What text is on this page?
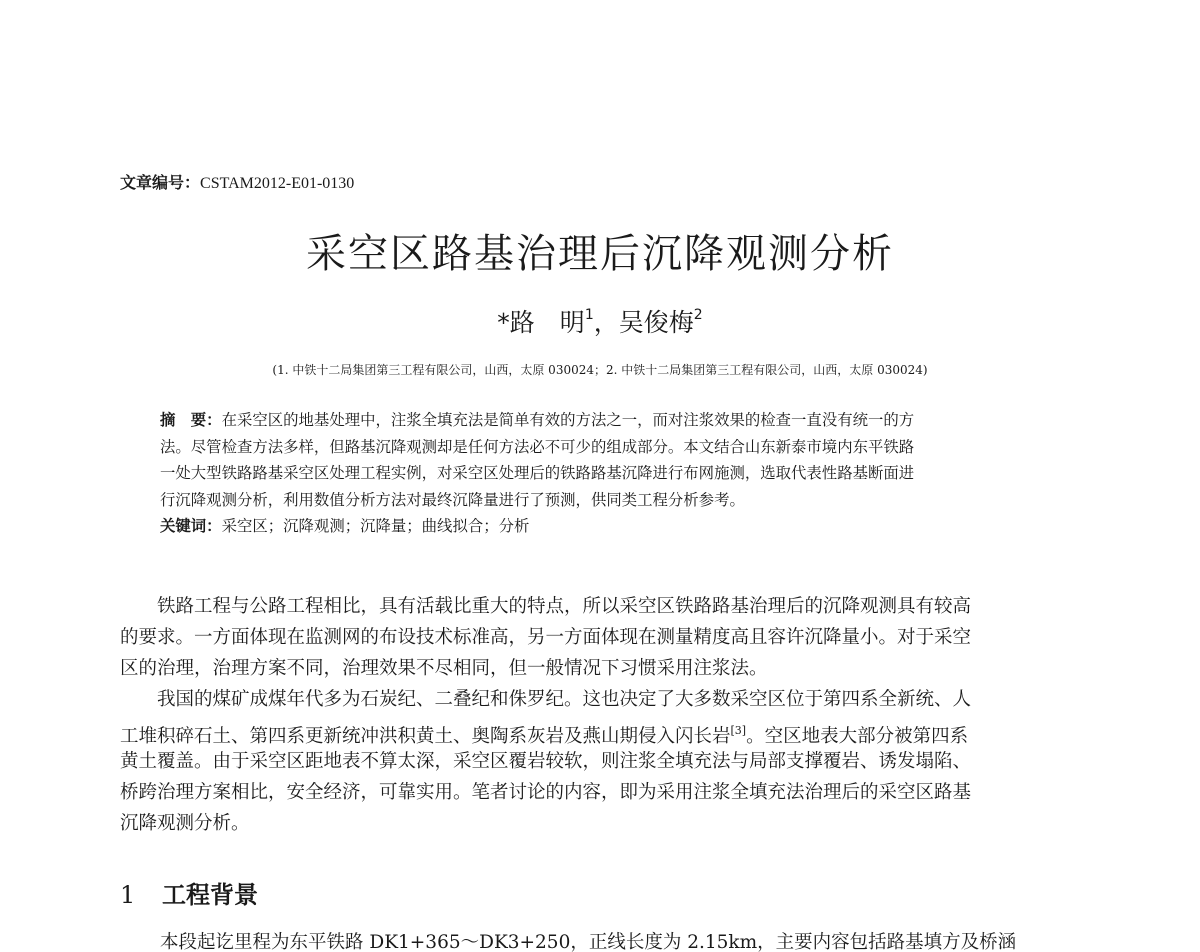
文章编号：CSTAM2012-E01-0130
采空区路基治理后沉降观测分析
*路　明$^1$，吴俊梅$^2$
(1. 中铁十二局集团第三工程有限公司，山西，太原 030024；2. 中铁十二局集团第三工程有限公司，山西，太原 030024)
摘　要：在采空区的地基处理中，注浆全填充法是简单有效的方法之一，而对注浆效果的检查一直没有统一的方
法。尽管检查方法多样，但路基沉降观测却是任何方法必不可少的组成部分。本文结合山东新泰市境内东平铁路
一处大型铁路路基采空区处理工程实例，对采空区处理后的铁路路基沉降进行布网施测，选取代表性路基断面进
行沉降观测分析，利用数值分析方法对最终沉降量进行了预测，供同类工程分析参考。
关键词：采空区；沉降观测；沉降量；曲线拟合；分析
　　铁路工程与公路工程相比，具有活载比重大的特点，所以采空区铁路路基治理后的沉降观测具有较高
的要求。一方面体现在监测网的布设技术标准高，另一方面体现在测量精度高且容许沉降量小。对于采空
区的治理，治理方案不同，治理效果不尽相同，但一般情况下习惯采用注浆法。
　　我国的煤矿成煤年代多为石炭纪、二叠纪和侏罗纪。这也决定了大多数采空区位于第四系全新统、人
工堆积碎石土、第四系更新统冲洪积黄土、奥陶系灰岩及燕山期侵入闪长岩[3]。空区地表大部分被第四系
黄土覆盖。由于采空区距地表不算太深，采空区覆岩较软，则注浆全填充法与局部支撑覆岩、诱发塌陷、
桥跨治理方案相比，安全经济，可靠实用。笔者讨论的内容，即为采用注浆全填充法治理后的采空区路基
沉降观测分析。
1 工程背景
本段起讫里程为东平铁路 DK1+365～DK3+250，正线长度为 2.15km，主要内容包括路基填方及桥涵
